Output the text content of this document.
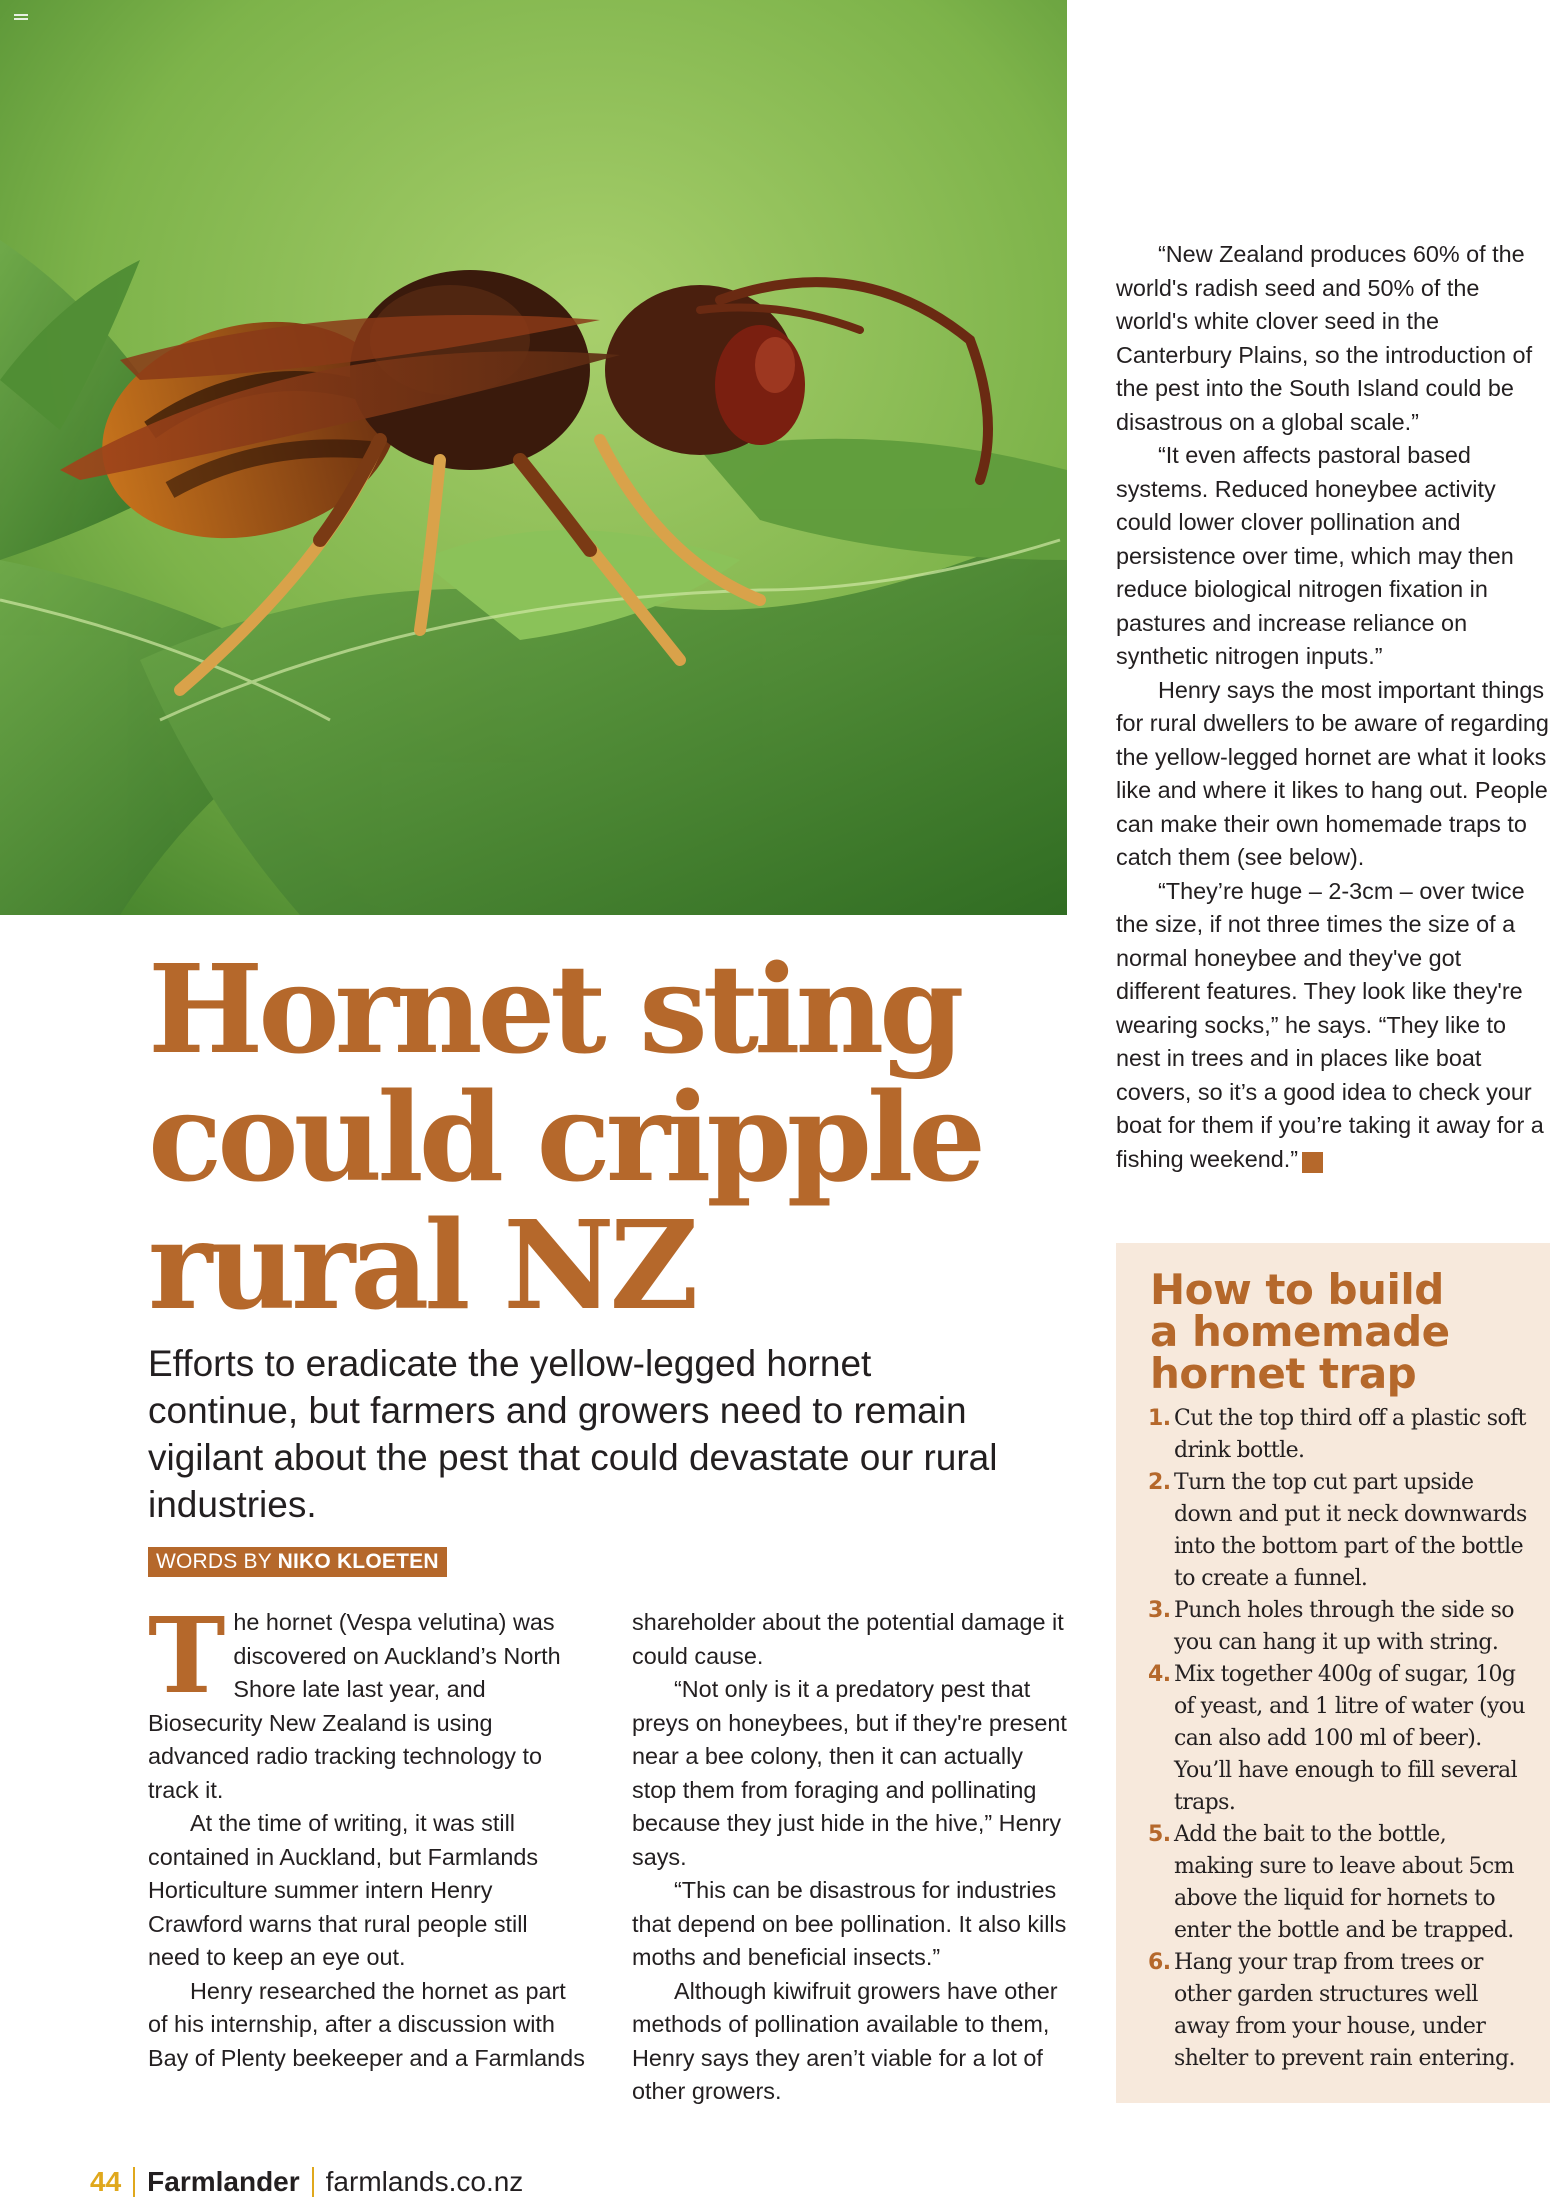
Hornet sting
could cripple
rural NZ

Efforts to eradicate the yellow-legged hornet continue, but farmers and growers need to remain vigilant about the pest that could devastate our rural industries.

WORDS BY NIKO KLOETEN

T he hornet (Vespa velutina) was discovered on Auckland’s North Shore late last year, and Biosecurity New Zealand is using advanced radio tracking technology to track it.

At the time of writing, it was still contained in Auckland, but Farmlands Horticulture summer intern Henry Crawford warns that rural people still need to keep an eye out.

Henry researched the hornet as part of his internship, after a discussion with Bay of Plenty beekeeper and a Farmlands

shareholder about the potential damage it could cause.

“Not only is it a predatory pest that preys on honeybees, but if they're present near a bee colony, then it can actually stop them from foraging and pollinating because they just hide in the hive,” Henry says.

“This can be disastrous for industries that depend on bee pollination. It also kills moths and beneficial insects.”

Although kiwifruit growers have other methods of pollination available to them, Henry says they aren’t viable for a lot of other growers.

“New Zealand produces 60% of the world's radish seed and 50% of the world's white clover seed in the Canterbury Plains, so the introduction of the pest into the South Island could be disastrous on a global scale.”

“It even affects pastoral based systems. Reduced honeybee activity could lower clover pollination and persistence over time, which may then reduce biological nitrogen fixation in pastures and increase reliance on synthetic nitrogen inputs.”

Henry says the most important things for rural dwellers to be aware of regarding the yellow-legged hornet are what it looks like and where it likes to hang out. People can make their own homemade traps to catch them (see below).

“They’re huge – 2-3cm – over twice the size, if not three times the size of a normal honeybee and they've got different features. They look like they're wearing socks,” he says. “They like to nest in trees and in places like boat covers, so it’s a good idea to check your boat for them if you’re taking it away for a fishing weekend.”	F

How to build
a homemade
hornet trap
1. Cut the top third off a plastic soft drink bottle.
2. Turn the top cut part upside down and put it neck downwards into the bottom part of the bottle to create a funnel.
3. Punch holes through the side so you can hang it up with string.
4. Mix together 400g of sugar, 10g of yeast, and 1 litre of water (you can also add 100 ml of beer). You’ll have enough to fill several traps.
5. Add the bait to the bottle, making sure to leave about 5cm above the liquid for hornets to enter the bottle and be trapped.
6. Hang your trap from trees or other garden structures well away from your house, under shelter to prevent rain entering.
44 Farmlander farmlands.co.nz
